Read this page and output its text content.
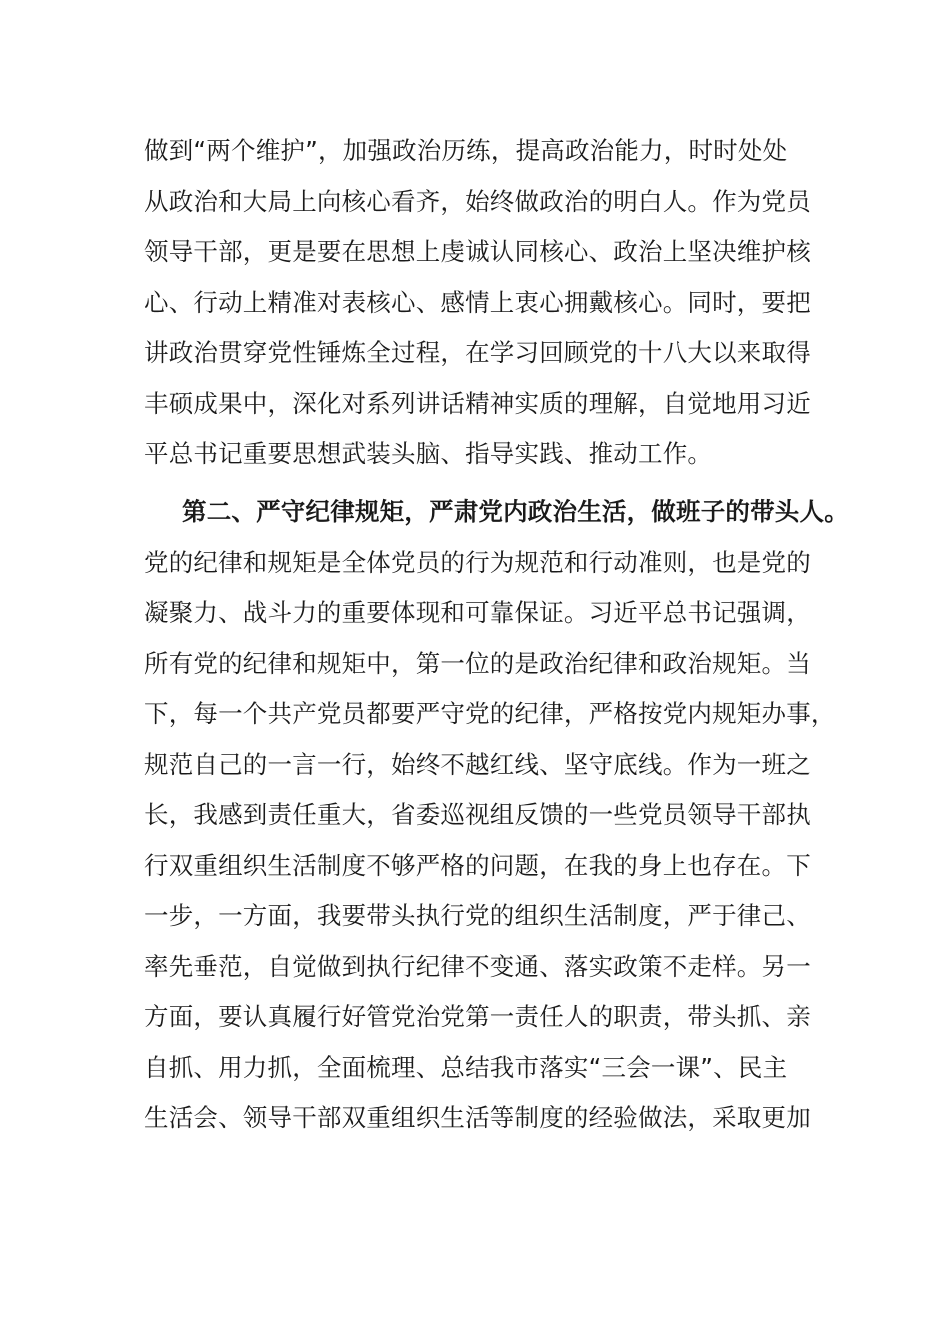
做到“两个维护”，加强政治历练，提高政治能力，时时处处
从政治和大局上向核心看齐，始终做政治的明白人。作为党员
领导干部，更是要在思想上虔诚认同核心、政治上坚决维护核
心、行动上精准对表核心、感情上衷心拥戴核心。同时，要把
讲政治贯穿党性锤炼全过程，在学习回顾党的十八大以来取得
丰硕成果中，深化对系列讲话精神实质的理解，自觉地用习近
平总书记重要思想武装头脑、指导实践、推动工作。
第二、严守纪律规矩，严肃党内政治生活，做班子的带头人。
党的纪律和规矩是全体党员的行为规范和行动准则，也是党的
凝聚力、战斗力的重要体现和可靠保证。习近平总书记强调，
所有党的纪律和规矩中，第一位的是政治纪律和政治规矩。当
下，每一个共产党员都要严守党的纪律，严格按党内规矩办事，
规范自己的一言一行，始终不越红线、坚守底线。作为一班之
长，我感到责任重大，省委巡视组反馈的一些党员领导干部执
行双重组织生活制度不够严格的问题，在我的身上也存在。下
一步，一方面，我要带头执行党的组织生活制度，严于律己、
率先垂范，自觉做到执行纪律不变通、落实政策不走样。另一
方面，要认真履行好管党治党第一责任人的职责，带头抓、亲
自抓、用力抓，全面梳理、总结我市落实“三会一课”、民主
生活会、领导干部双重组织生活等制度的经验做法，采取更加
